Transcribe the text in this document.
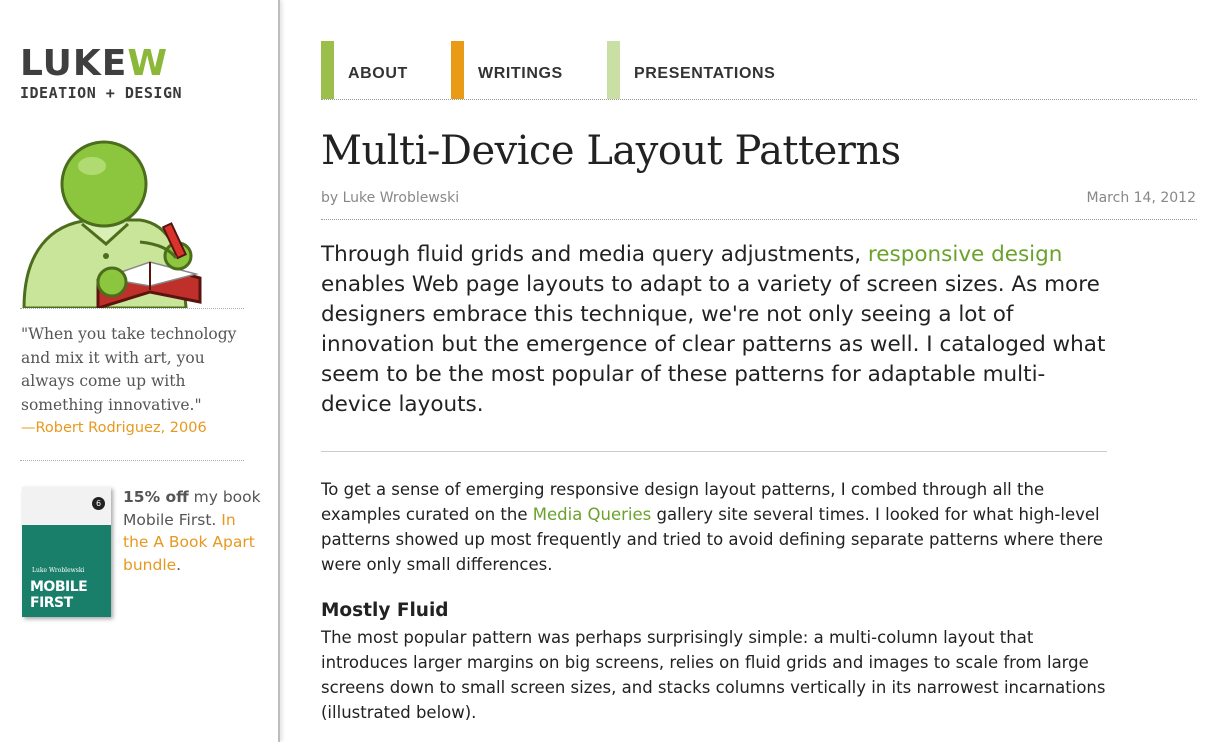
LUKEW
IDEATION + DESIGN
"When you take technology and mix it with art, you always come up with something innovative."
—Robert Rodriguez, 2006
6
Luke Wroblewski
MOBILE FIRST
15% off my book Mobile First. In the A Book Apart bundle.
ABOUT	WRITINGS	PRESENTATIONS
Multi-Device Layout Patterns
by Luke Wroblewski	March 14, 2012
Through fluid grids and media query adjustments, responsive design enables Web page layouts to adapt to a variety of screen sizes. As more designers embrace this technique, we're not only seeing a lot of innovation but the emergence of clear patterns as well. I cataloged what seem to be the most popular of these patterns for adaptable multi-device layouts.
To get a sense of emerging responsive design layout patterns, I combed through all the examples curated on the Media Queries gallery site several times. I looked for what high-level patterns showed up most frequently and tried to avoid defining separate patterns where there were only small differences.
Mostly Fluid
The most popular pattern was perhaps surprisingly simple: a multi-column layout that introduces larger margins on big screens, relies on fluid grids and images to scale from large screens down to small screen sizes, and stacks columns vertically in its narrowest incarnations (illustrated below).
